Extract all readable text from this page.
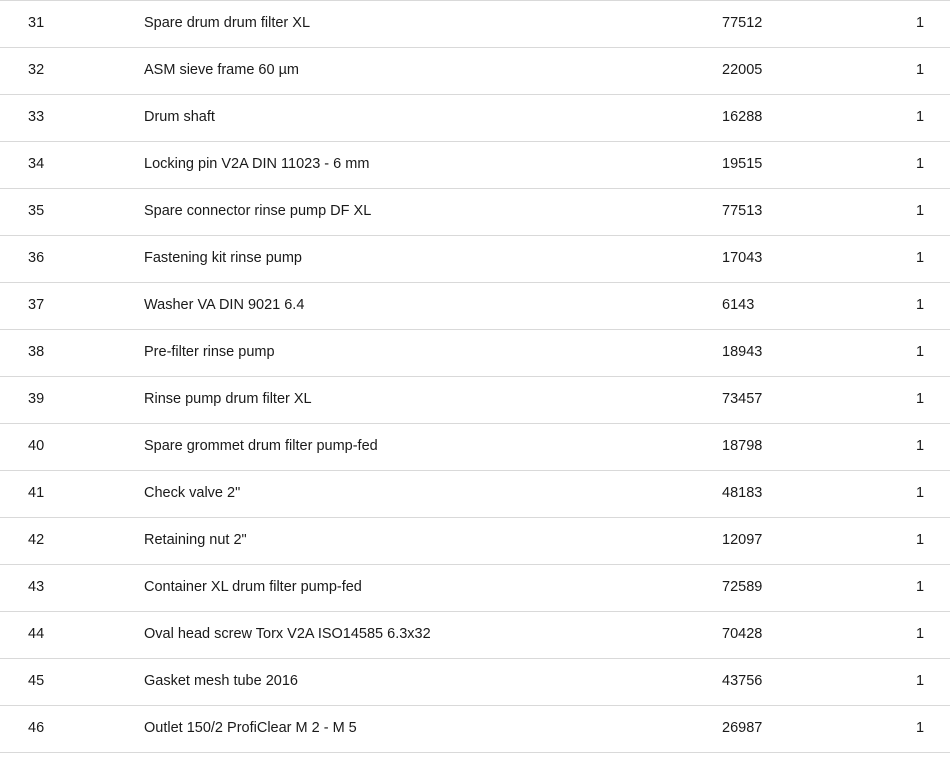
31	Spare drum drum filter XL	77512	1
32	ASM sieve frame 60 µm	22005	1
33	Drum shaft	16288	1
34	Locking pin V2A DIN 11023 - 6 mm	19515	1
35	Spare connector rinse pump DF XL	77513	1
36	Fastening kit rinse pump	17043	1
37	Washer VA DIN 9021 6.4	6143	1
38	Pre-filter rinse pump	18943	1
39	Rinse pump drum filter XL	73457	1
40	Spare grommet drum filter pump-fed	18798	1
41	Check valve 2"	48183	1
42	Retaining nut 2"	12097	1
43	Container XL drum filter pump-fed	72589	1
44	Oval head screw Torx V2A ISO14585 6.3x32	70428	1
45	Gasket mesh tube 2016	43756	1
46	Outlet 150/2 ProfiClear M 2 - M 5	26987	1
